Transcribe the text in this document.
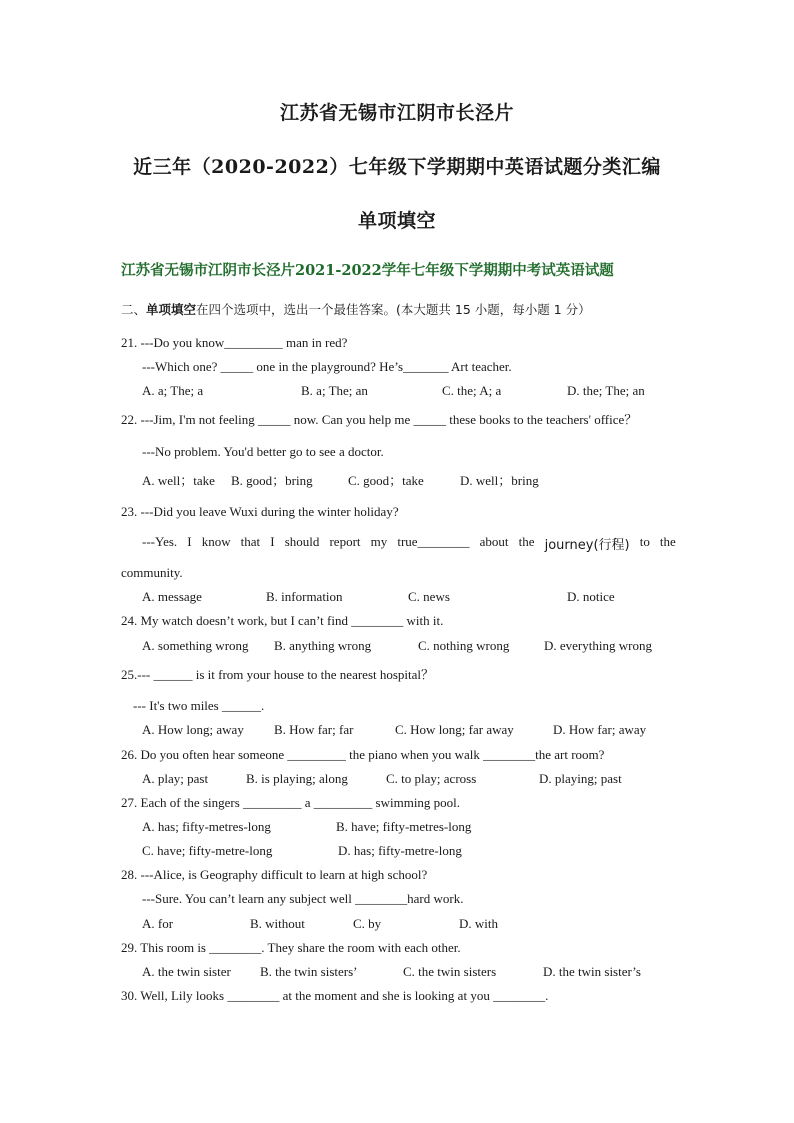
江苏省无锡市江阴市长泾片
近三年（2020-2022）七年级下学期期中英语试题分类汇编
单项填空
江苏省无锡市江阴市长泾片2021-2022学年七年级下学期期中考试英语试题
二、单项填空在四个选项中，选出一个最佳答案。(本大题共 15 小题，每小题 1 分）
21. ---Do you know_________ man in red?
---Which one? _____ one in the playground? He’s_______ Art teacher.
A. a; The; a	B. a; The; an	C. the; A; a	D. the; The; an
22. ---Jim, I'm not feeling _____ now. Can you help me _____ these books to the teachers' office？
---No problem. You'd better go to see a doctor.
A. well；take B. good；bring	C. good；take	D. well；bring
23. ---Did you leave Wuxi during the winter holiday?
---Yes. I know that I should report my true________ about the journey(行程) to the
community.
A. message	B. information	C. news	D. notice
24. My watch doesn’t work, but I can’t find ________ with it.
A. something wrong B. anything wrong	C. nothing wrong	D. everything wrong
25.--- ______ is it from your house to the nearest hospital？
--- It's two miles ______.
A. How long; away B. How far; far	C. How long; far away	D. How far; away
26. Do you often hear someone _________ the piano when you walk ________the art room?
A. play; past	B. is playing; along	C. to play; across	D. playing; past
27. Each of the singers _________ a _________ swimming pool.
A. has; fifty-metres-long	B. have; fifty-metres-long
C. have; fifty-metre-long	D. has; fifty-metre-long
28. ---Alice, is Geography difficult to learn at high school?
---Sure. You can’t learn any subject well ________hard work.
A. for	B. without	C. by	D. with
29. This room is ________. They share the room with each other.
A. the twin sister B. the twin sisters’	C. the twin sisters	D. the twin sister’s
30. Well, Lily looks ________ at the moment and she is looking at you ________.
